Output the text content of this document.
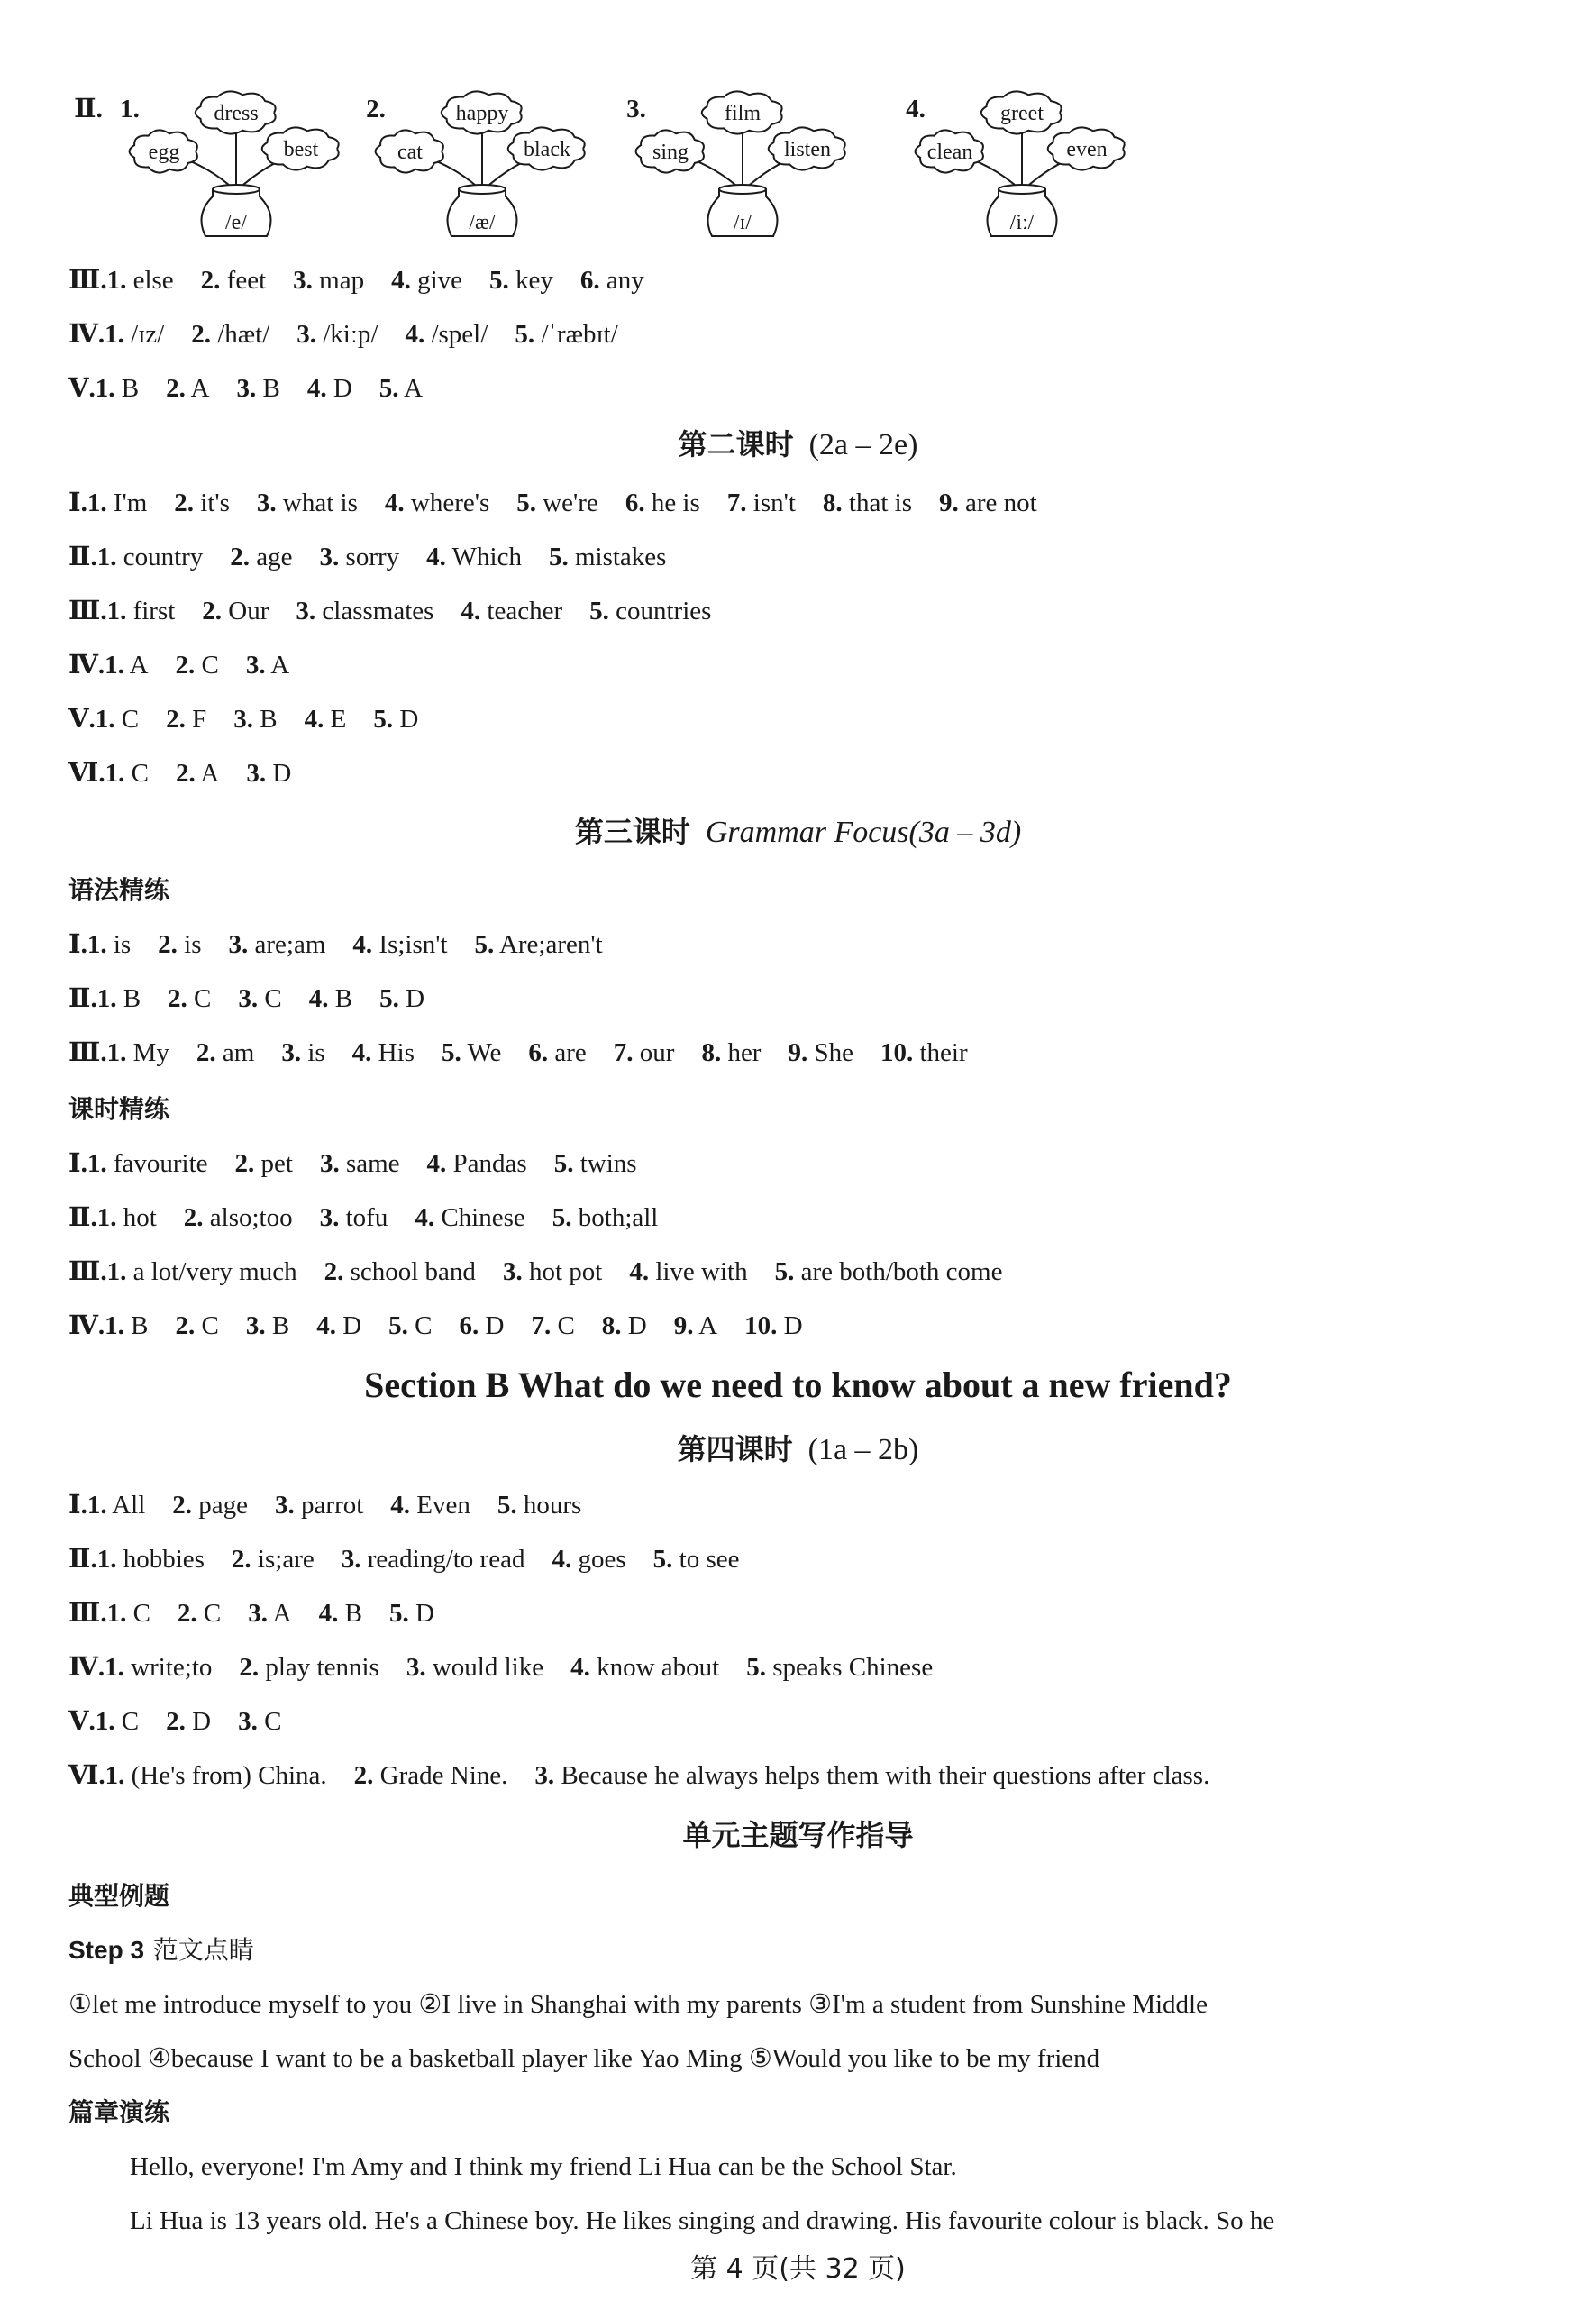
Ⅱ. 1.	dress
egg	best
/e/
2.	happy
cat	black
/æ/
3.	film
sing	listen
/ɪ/
4.	greet
clean	even
/iː/
Ⅲ.1. else 2. feet 3. map 4. give 5. key 6. any
Ⅳ.1. /ɪz/ 2. /hæt/ 3. /kiːp/ 4. /spel/ 5. /ˈræbɪt/
Ⅴ.1. B 2. A 3. B 4. D 5. A
Ⅰ.1. I'm 2. it's 3. what is 4. where's 5. we're 6. he is 7. isn't 8. that is 9. are not
Ⅱ.1. country 2. age 3. sorry 4. Which 5. mistakes
Ⅲ.1. first 2. Our 3. classmates 4. teacher 5. countries
Ⅳ.1. A 2. C 3. A
Ⅴ.1. C 2. F 3. B 4. E 5. D
Ⅵ.1. C 2. A 3. D
Ⅰ.1. is 2. is 3. are;am 4. Is;isn't 5. Are;aren't
Ⅱ.1. B 2. C 3. C 4. B 5. D
Ⅲ.1. My 2. am 3. is 4. His 5. We 6. are 7. our 8. her 9. She 10. their
Ⅰ.1. favourite 2. pet 3. same 4. Pandas 5. twins
Ⅱ.1. hot 2. also;too 3. tofu 4. Chinese 5. both;all
Ⅲ.1. a lot/very much 2. school band 3. hot pot 4. live with 5. are both/both come
Ⅳ.1. B 2. C 3. B 4. D 5. C 6. D 7. C 8. D 9. A 10. D
Ⅰ.1. All 2. page 3. parrot 4. Even 5. hours
Ⅱ.1. hobbies 2. is;are 3. reading/to read 4. goes 5. to see
Ⅲ.1. C 2. C 3. A 4. B 5. D
Ⅳ.1. write;to 2. play tennis 3. would like 4. know about 5. speaks Chinese
Ⅴ.1. C 2. D 3. C
Ⅵ.1. (He's from) China. 2. Grade Nine. 3. Because he always helps them with their questions after class.
第二课时 (2a – 2e)
第三课时 Grammar Focus(3a – 3d)
Section B What do we need to know about a new friend?
第四课时 (1a – 2b)
单元主题写作指导
语法精练
课时精练
典型例题
Step 3 范文点睛
①let me introduce myself to you ②I live in Shanghai with my parents ③I'm a student from Sunshine Middle
School ④because I want to be a basketball player like Yao Ming ⑤Would you like to be my friend
篇章演练
Hello, everyone! I'm Amy and I think my friend Li Hua can be the School Star.
Li Hua is 13 years old. He's a Chinese boy. He likes singing and drawing. His favourite colour is black. So he
第 4 页(共 32 页)
